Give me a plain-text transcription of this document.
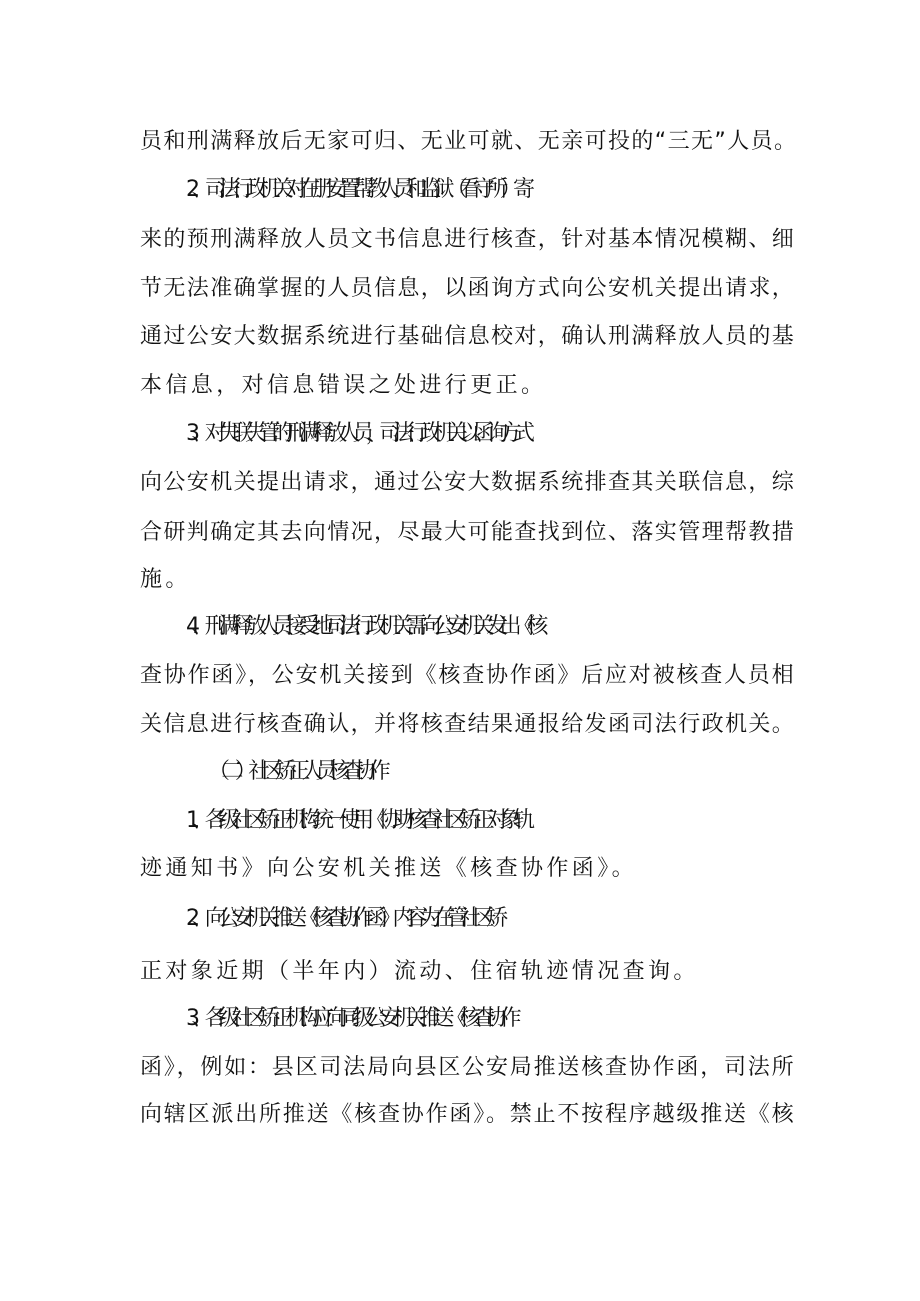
员和刑满释放后无家可归、无业可就、无亲可投的“三无”人员。
2、司法行政机关对在册安置帮教人员和监狱（看守所）寄
来的预刑满释放人员文书信息进行核查，针对基本情况模糊、细
节无法准确掌握的人员信息，以函询方式向公安机关提出请求，
通过公安大数据系统进行基础信息校对，确认刑满释放人员的基
本信息，对信息错误之处进行更正。
3、对失联失管的刑满释放人员，司法行政机关以函询方式
向公安机关提出请求，通过公安大数据系统排查其关联信息，综
合研判确定其去向情况，尽最大可能查找到位、落实管理帮教措
施。
4、刑满释放人员接受地司法行政机关需向公安机关发出《核
查协作函》，公安机关接到《核查协作函》后应对被核查人员相
关信息进行核查确认，并将核查结果通报给发函司法行政机关。
（二）社区矫正人员核查协作
1、各级社区矫正机构统一使用《协助核查社区矫正对象轨
迹通知书》向公安机关推送《核查协作函》。
2、向公安机关推送《核查协作函》内容为在管社区矫
正对象近期（半年内）流动、住宿轨迹情况查询。
3、各级社区矫正机构应向同级公安机关推送《核查协作
函》，例如：县区司法局向县区公安局推送核查协作函，司法所
向辖区派出所推送《核查协作函》。禁止不按程序越级推送《核
